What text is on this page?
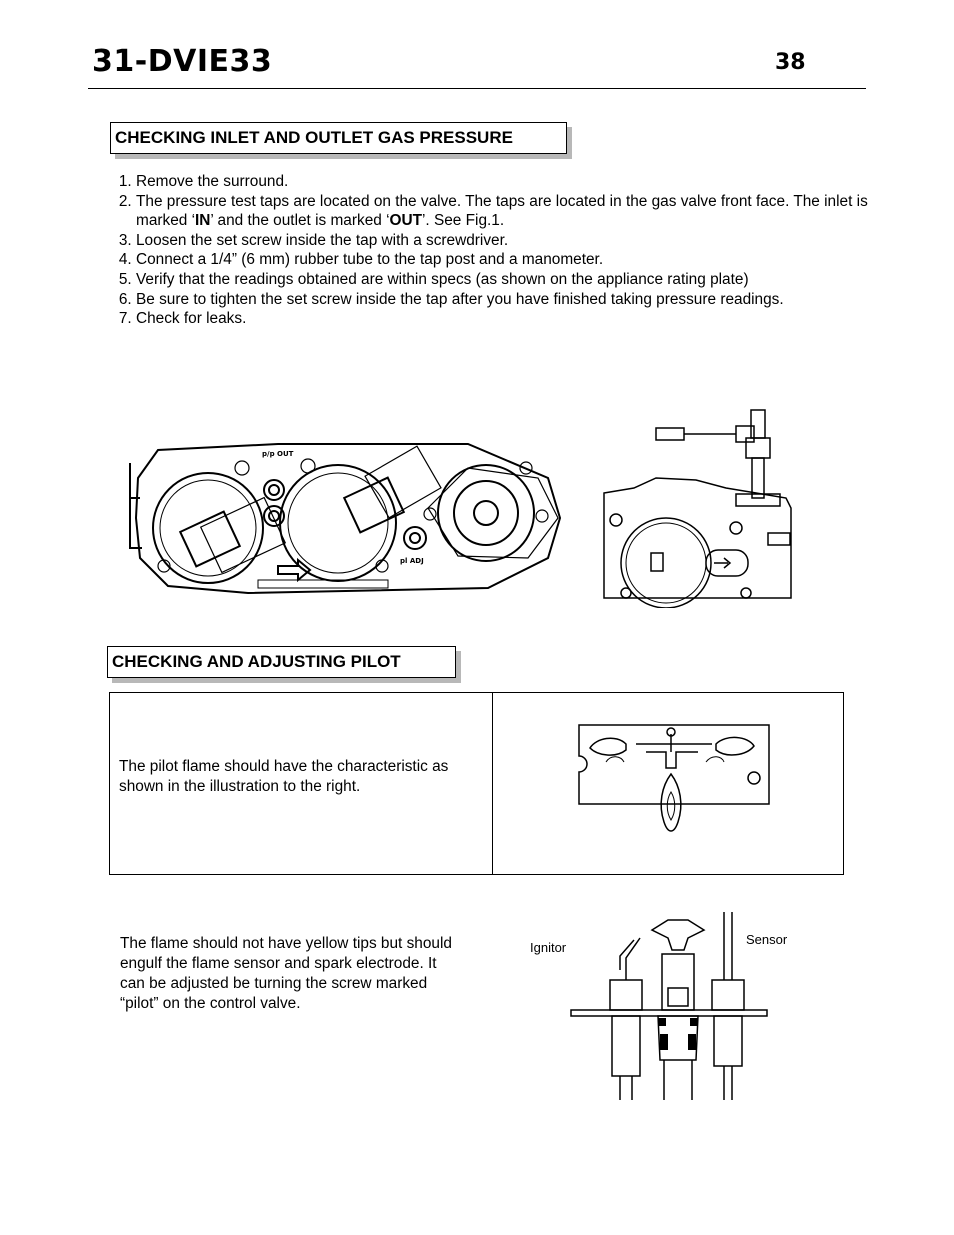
31-DVIE33	38
CHECKING INLET AND OUTLET GAS PRESSURE
1. Remove the surround.
2. The pressure test taps are located on the valve. The taps are located in the gas valve front face. The inlet is marked ‘IN’ and the outlet is marked ‘OUT’. See Fig.1.
3. Loosen the set screw inside the tap with a screwdriver.
4. Connect a 1/4” (6 mm) rubber tube to the tap post and a manometer.
5. Verify that the readings obtained are within specs (as shown on the appliance rating plate)
6. Be sure to tighten the set screw inside the tap after you have finished taking pressure readings.
7. Check for leaks.
p/p OUT
pl ADJ
CHECKING AND ADJUSTING PILOT
The pilot flame should have the characteristic as shown in the illustration to the right.
The flame should not have yellow tips but should engulf the flame sensor and spark electrode. It can be adjusted be turning the screw marked “pilot” on the control valve.
Ignitor
Sensor
